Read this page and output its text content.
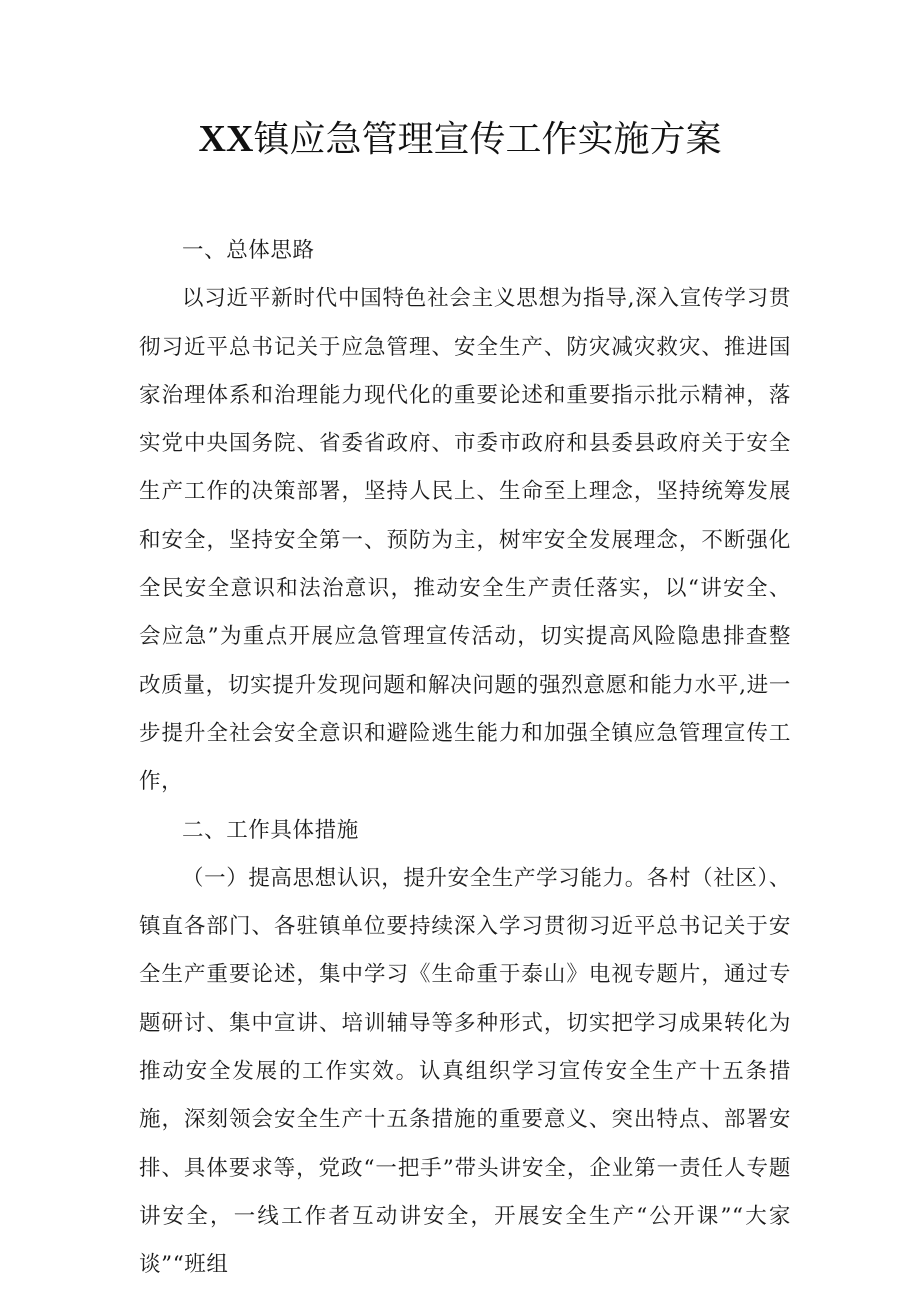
XX镇应急管理宣传工作实施方案

一、总体思路

以习近平新时代中国特色社会主义思想为指导,深入宣传学习贯彻习近平总书记关于应急管理、安全生产、防灾减灾救灾、推进国家治理体系和治理能力现代化的重要论述和重要指示批示精神，落实党中央国务院、省委省政府、市委市政府和县委县政府关于安全生产工作的决策部署，坚持人民上、生命至上理念，坚持统筹发展和安全，坚持安全第一、预防为主，树牢安全发展理念，不断强化全民安全意识和法治意识，推动安全生产责任落实，以“讲安全、会应急”为重点开展应急管理宣传活动，切实提高风险隐患排查整改质量，切实提升发现问题和解决问题的强烈意愿和能力水平,进一步提升全社会安全意识和避险逃生能力和加强全镇应急管理宣传工作，

二、工作具体措施

（一）提高思想认识，提升安全生产学习能力。各村（社区）、镇直各部门、各驻镇单位要持续深入学习贯彻习近平总书记关于安全生产重要论述，集中学习《生命重于泰山》电视专题片，通过专题研讨、集中宣讲、培训辅导等多种形式，切实把学习成果转化为推动安全发展的工作实效。认真组织学习宣传安全生产十五条措施，深刻领会安全生产十五条措施的重要意义、突出特点、部署安排、具体要求等，党政“一把手”带头讲安全，企业第一责任人专题讲安全，一线工作者互动讲安全，开展安全生产“公开课”“大家谈”“班组
